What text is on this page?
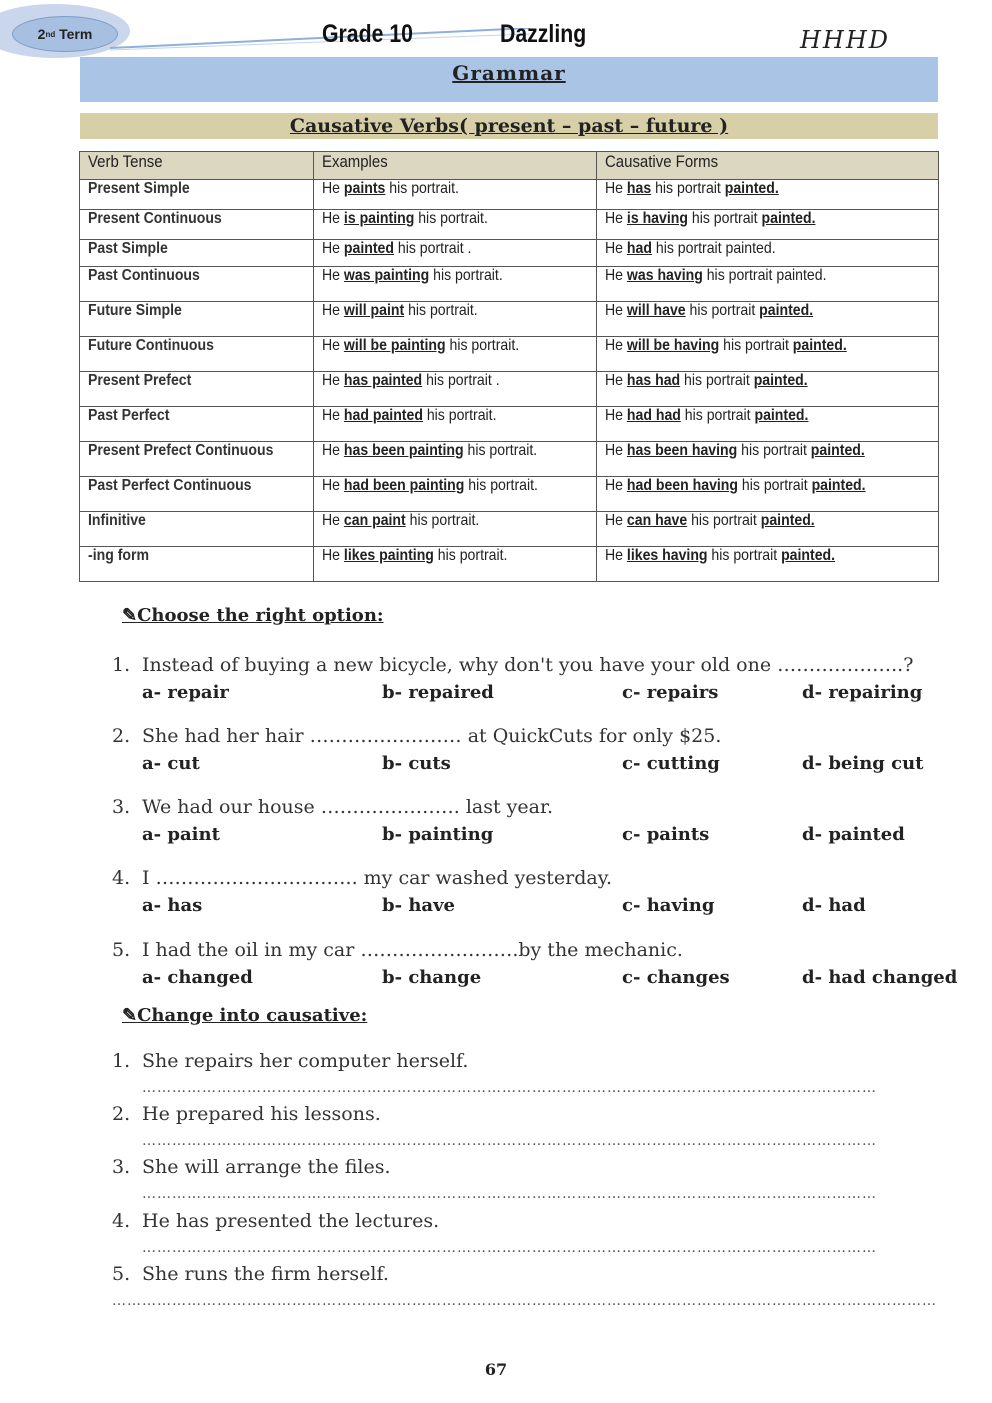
2 nd
Term	Grade 10	Dazzling	HHHD
Grammar
Causative Verbs( present – past – future )
Verb Tense	Examples	Causative Forms
Present Simple	He paints his portrait.	He has his portrait painted.
Present Continuous	He is painting his portrait.	He is having his portrait painted.
Past Simple	He painted his portrait .	He had his portrait painted.
Past Continuous	He was painting his portrait.	He was having his portrait painted.
Future Simple	He will paint his portrait.	He will have his portrait painted.
Future Continuous	He will be painting his portrait.	He will be having his portrait painted.
Present Prefect	He has painted his portrait .	He has had his portrait painted.
Past Perfect	He had painted his portrait.	He had had his portrait painted.
Present Prefect Continuous	He has been painting his portrait.	He has been having his portrait painted.
Past Perfect Continuous	He had been painting his portrait.	He had been having his portrait painted.
Infinitive	He can paint his portrait.	He can have his portrait painted.
-ing form	He likes painting his portrait.	He likes having his portrait painted.
✎Choose the right option:
1. Instead of buying a new bicycle, why don't you have your old one ………………..?
a- repair	b- repaired	c- repairs	d- repairing
2. She had her hair …………………… at QuickCuts for only $25.
a- cut	b- cuts	c- cutting	d- being cut
3. We had our house …………………. last year.
a- paint	b- painting	c- paints	d- painted
4. I ………………………….. my car washed yesterday.
a- has	b- have	c- having	d- had
5. I had the oil in my car …………………….by the mechanic.
a- changed	b- change	c- changes	d- had changed
✎Change into causative:
1. She repairs her computer herself.
…………………………………………………………………………………………………………………………………
2. He prepared his lessons.
…………………………………………………………………………………………………………………………………
3. She will arrange the files.
…………………………………………………………………………………………………………………………………
4. He has presented the lectures.
…………………………………………………………………………………………………………………………………
5. She runs the firm herself.
…………………………………………………………………………………………………………………………………………………
67
